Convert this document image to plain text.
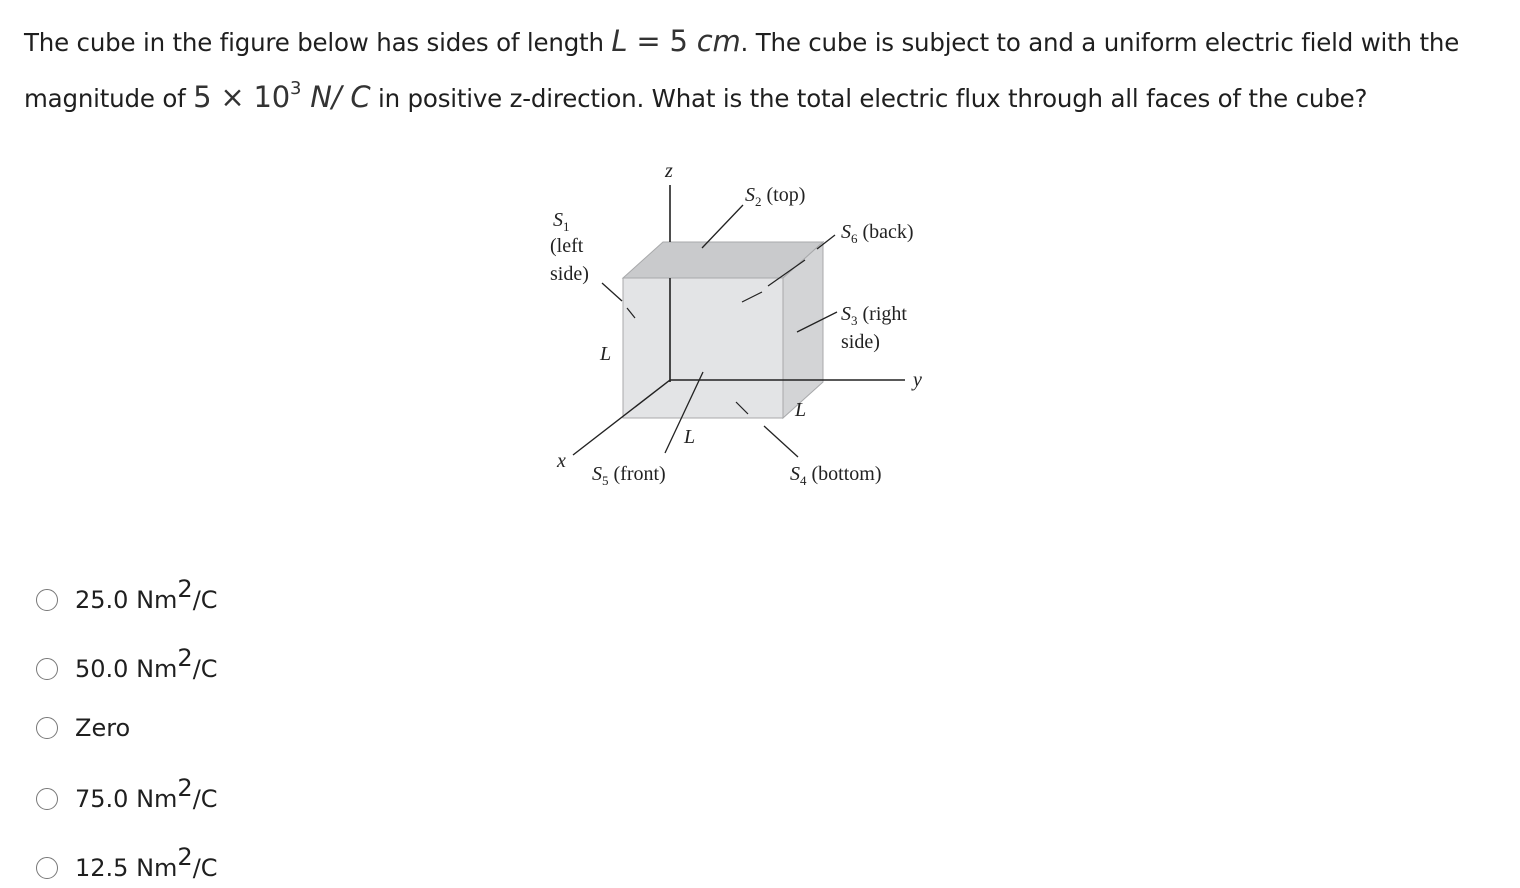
The cube in the figure below has sides of length L = 5 cm. The cube is subject to and a uniform electric field with the
magnitude of $5 \times 10^3$ N/ C in positive z-direction. What is the total electric flux through all faces of the cube?
z
y
x
$S_1$
(left
side)
$S_2$ (top)
$S_6$ (back)
$S_3$ (right
side)
$S_5$ (front)	$S_4$ (bottom)
L
L
L
25.0 Nm2/C
50.0 Nm2/C
Zero
75.0 Nm2/C
12.5 Nm2/C
